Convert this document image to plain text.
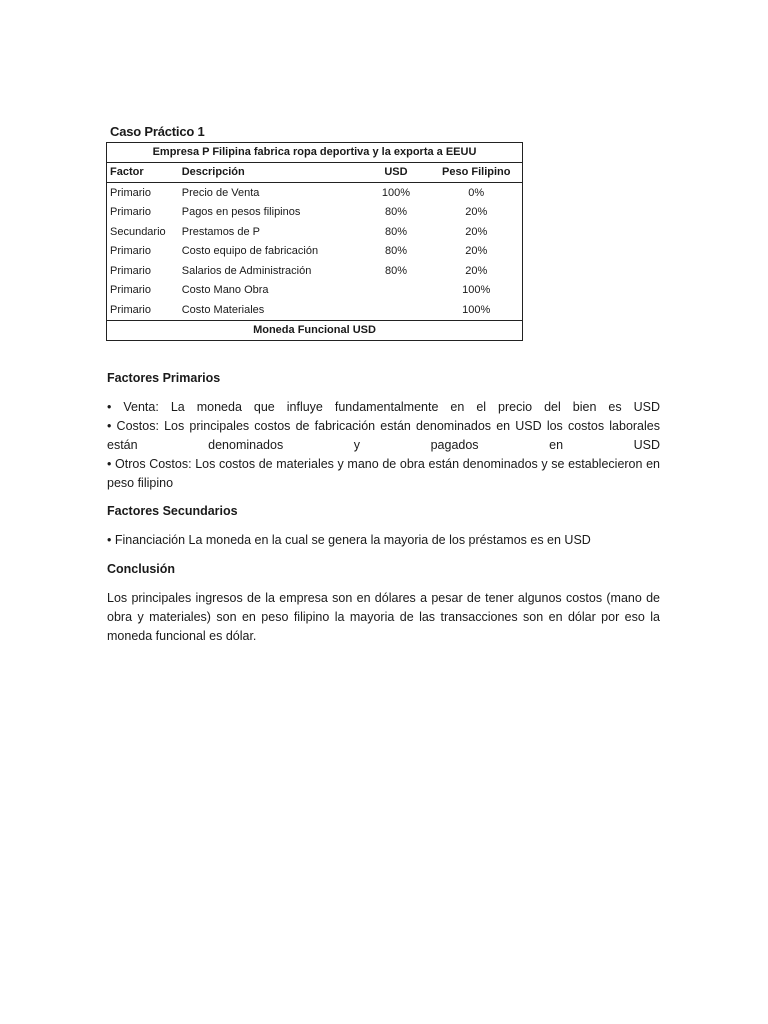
Caso Práctico 1
Empresa P Filipina fabrica ropa deportiva y la exporta a EEUU			
Factor	Descripción	USD	Peso Filipino
Primario	Precio de Venta	100%	0%
Primario	Pagos en pesos filipinos	80%	20%
Secundario	Prestamos de P	80%	20%
Primario	Costo equipo de fabricación	80%	20%
Primario	Salarios de Administración	80%	20%
Primario	Costo Mano Obra		100%
Primario	Costo Materiales		100%
Moneda Funcional USD			
Factores Primarios
• Venta: La moneda que influye fundamentalmente en el precio del bien es USD
• Costos: Los principales costos de fabricación están denominados en USD los costos laborales
están denominados y pagados en USD
• Otros Costos: Los costos de materiales y mano de obra están denominados y se establecieron en peso filipino
Factores Secundarios
• Financiación La moneda en la cual se genera la mayoria de los préstamos es en USD
Conclusión
Los principales ingresos de la empresa son en dólares a pesar de tener algunos costos (mano de obra y materiales) son en peso filipino la mayoria de las transacciones son en dólar por eso la moneda funcional es dólar.
